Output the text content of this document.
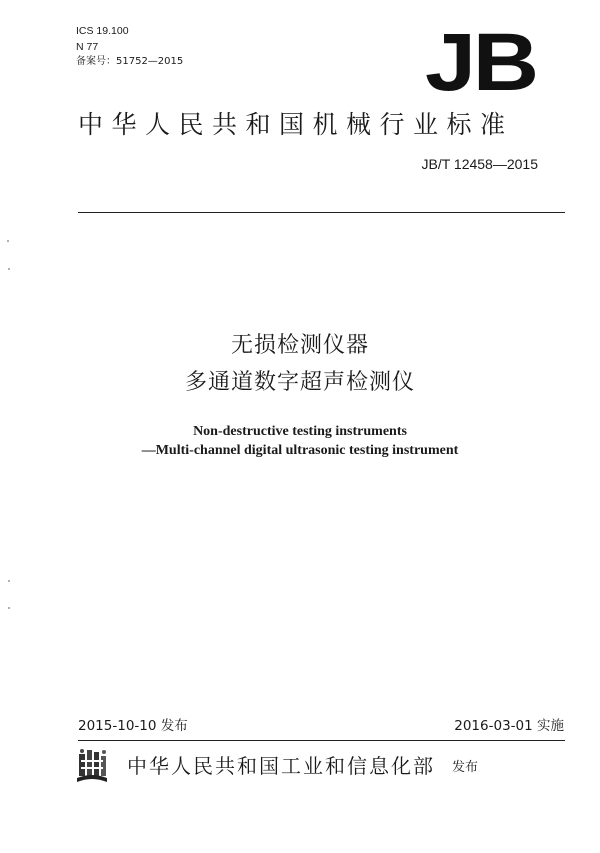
ICS 19.100
N 77
备案号：51752—2015	JB
中华人民共和国机械行业标准
JB/T 12458—2015
无损检测仪器
多通道数字超声检测仪
Non-destructive testing instruments
—Multi-channel digital ultrasonic testing instrument
2015-10-10 发布	2016-03-01 实施
中华人民共和国工业和信息化部 发布
